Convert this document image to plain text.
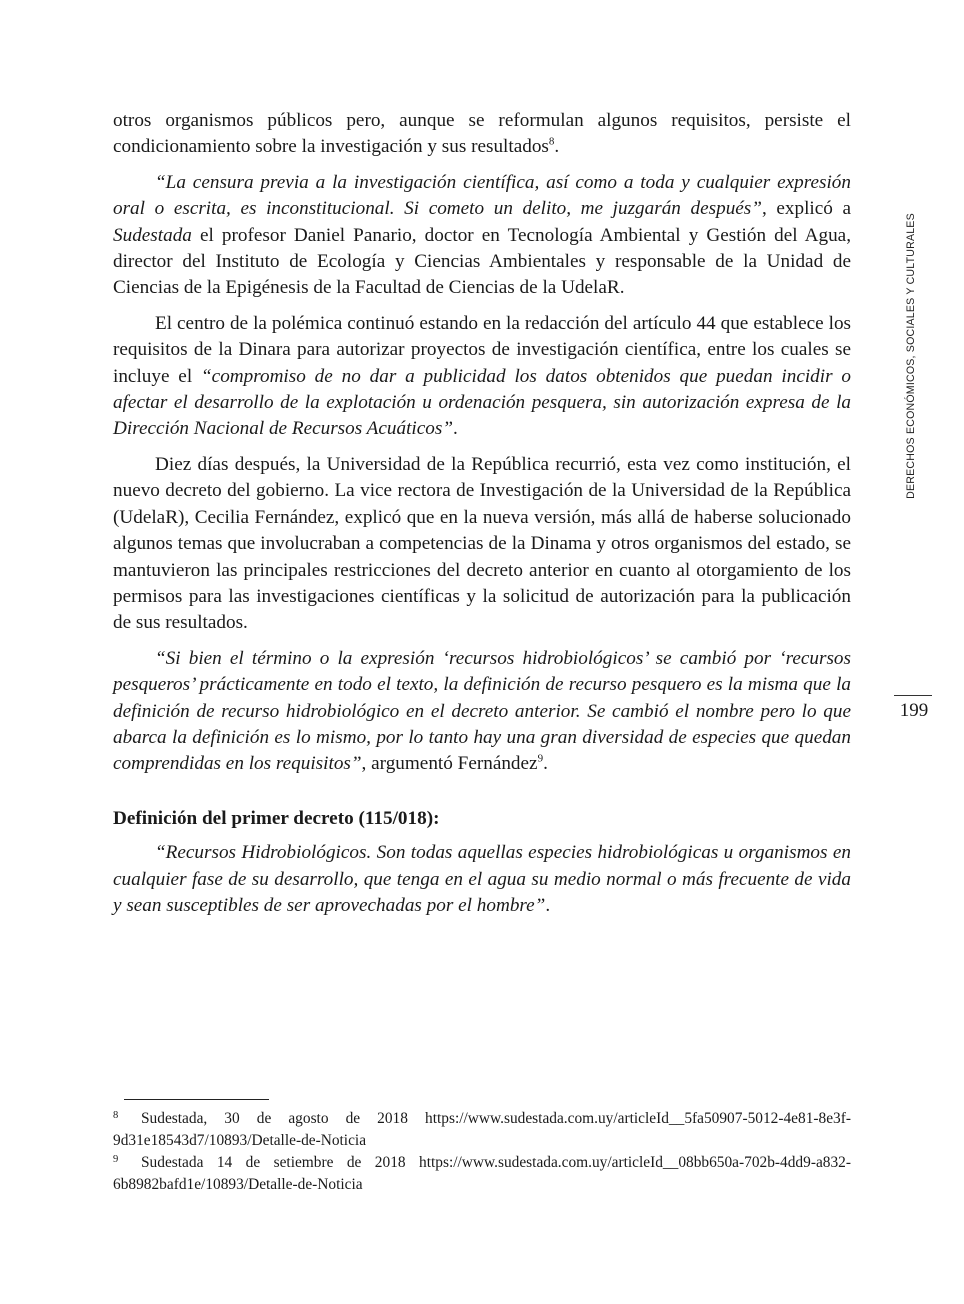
otros organismos públicos pero, aunque se reformulan algunos requisitos, persiste el condicionamiento sobre la investigación y sus resultados$^8$.

“La censura previa a la investigación científica, así como a toda y cualquier expresión oral o escrita, es inconstitucional. Si cometo un delito, me juzgarán después”, explicó a Sudestada el profesor Daniel Panario, doctor en Tecnología Ambiental y Gestión del Agua, director del Instituto de Ecología y Ciencias Ambientales y responsable de la Unidad de Ciencias de la Epigénesis de la Facultad de Ciencias de la UdelaR.

El centro de la polémica continuó estando en la redacción del artículo 44 que establece los requisitos de la Dinara para autorizar proyectos de investigación científica, entre los cuales se incluye el “compromiso de no dar a publicidad los datos obtenidos que puedan incidir o afectar el desarrollo de la explotación u ordenación pesquera, sin autorización expresa de la Dirección Nacional de Recursos Acuáticos”.

Diez días después, la Universidad de la República recurrió, esta vez como institución, el nuevo decreto del gobierno. La vice rectora de Investigación de la Universidad de la República (UdelaR), Cecilia Fernández, explicó que en la nueva versión, más allá de haberse solucionado algunos temas que involucraban a competencias de la Dinama y otros organismos del estado, se mantuvieron las principales restricciones del decreto anterior en cuanto al otorgamiento de los permisos para las investigaciones científicas y la solicitud de autorización para la publicación de sus resultados.

“Si bien el término o la expresión ‘recursos hidrobiológicos’ se cambió por ‘recursos pesqueros’ prácticamente en todo el texto, la definición de recurso pesquero es la misma que la definición de recurso hidrobiológico en el decreto anterior. Se cambió el nombre pero lo que abarca la definición es lo mismo, por lo tanto hay una gran diversidad de especies que quedan comprendidas en los requisitos”, argumentó Fernández$^9$.

Definición del primer decreto (115/018):

“Recursos Hidrobiológicos. Son todas aquellas especies hidrobiológicas u organismos en cualquier fase de su desarrollo, que tenga en el agua su medio normal o más frecuente de vida y sean susceptibles de ser aprovechadas por el hombre”.

DERECHOS ECONÓMICOS, SOCIALES Y CULTURALES
199

8 Sudestada, 30 de agosto de 2018 https://www.sudestada.com.uy/articleId__5fa50907-5012-4e81-8e3f-9d31e18543d7/10893/Detalle-de-Noticia

9 Sudestada 14 de setiembre de 2018 https://www.sudestada.com.uy/articleId__08bb650a-702b-4dd9-a832-6b8982bafd1e/10893/Detalle-de-Noticia
